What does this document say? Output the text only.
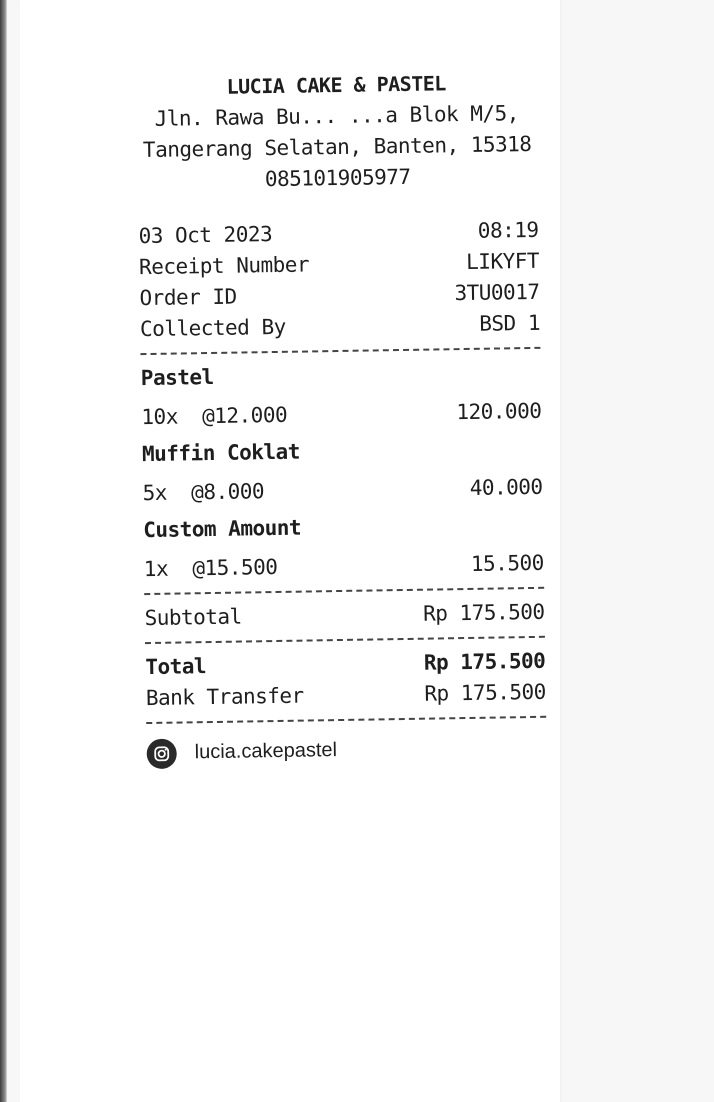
LUCIA CAKE & PASTEL
Jln. Rawa Bu... ...a Blok M/5,
Tangerang Selatan, Banten, 15318
085101905977
03 Oct 2023	08:19
Receipt Number	LIKYFT
Order ID	3TU0017
Collected By	BSD 1
Pastel
10x  @12.000	120.000
Muffin Coklat
5x  @8.000	40.000
Custom Amount
1x  @15.500	15.500
Subtotal	Rp 175.500
Total	Rp 175.500
Bank Transfer	Rp 175.500
lucia.cakepastel
